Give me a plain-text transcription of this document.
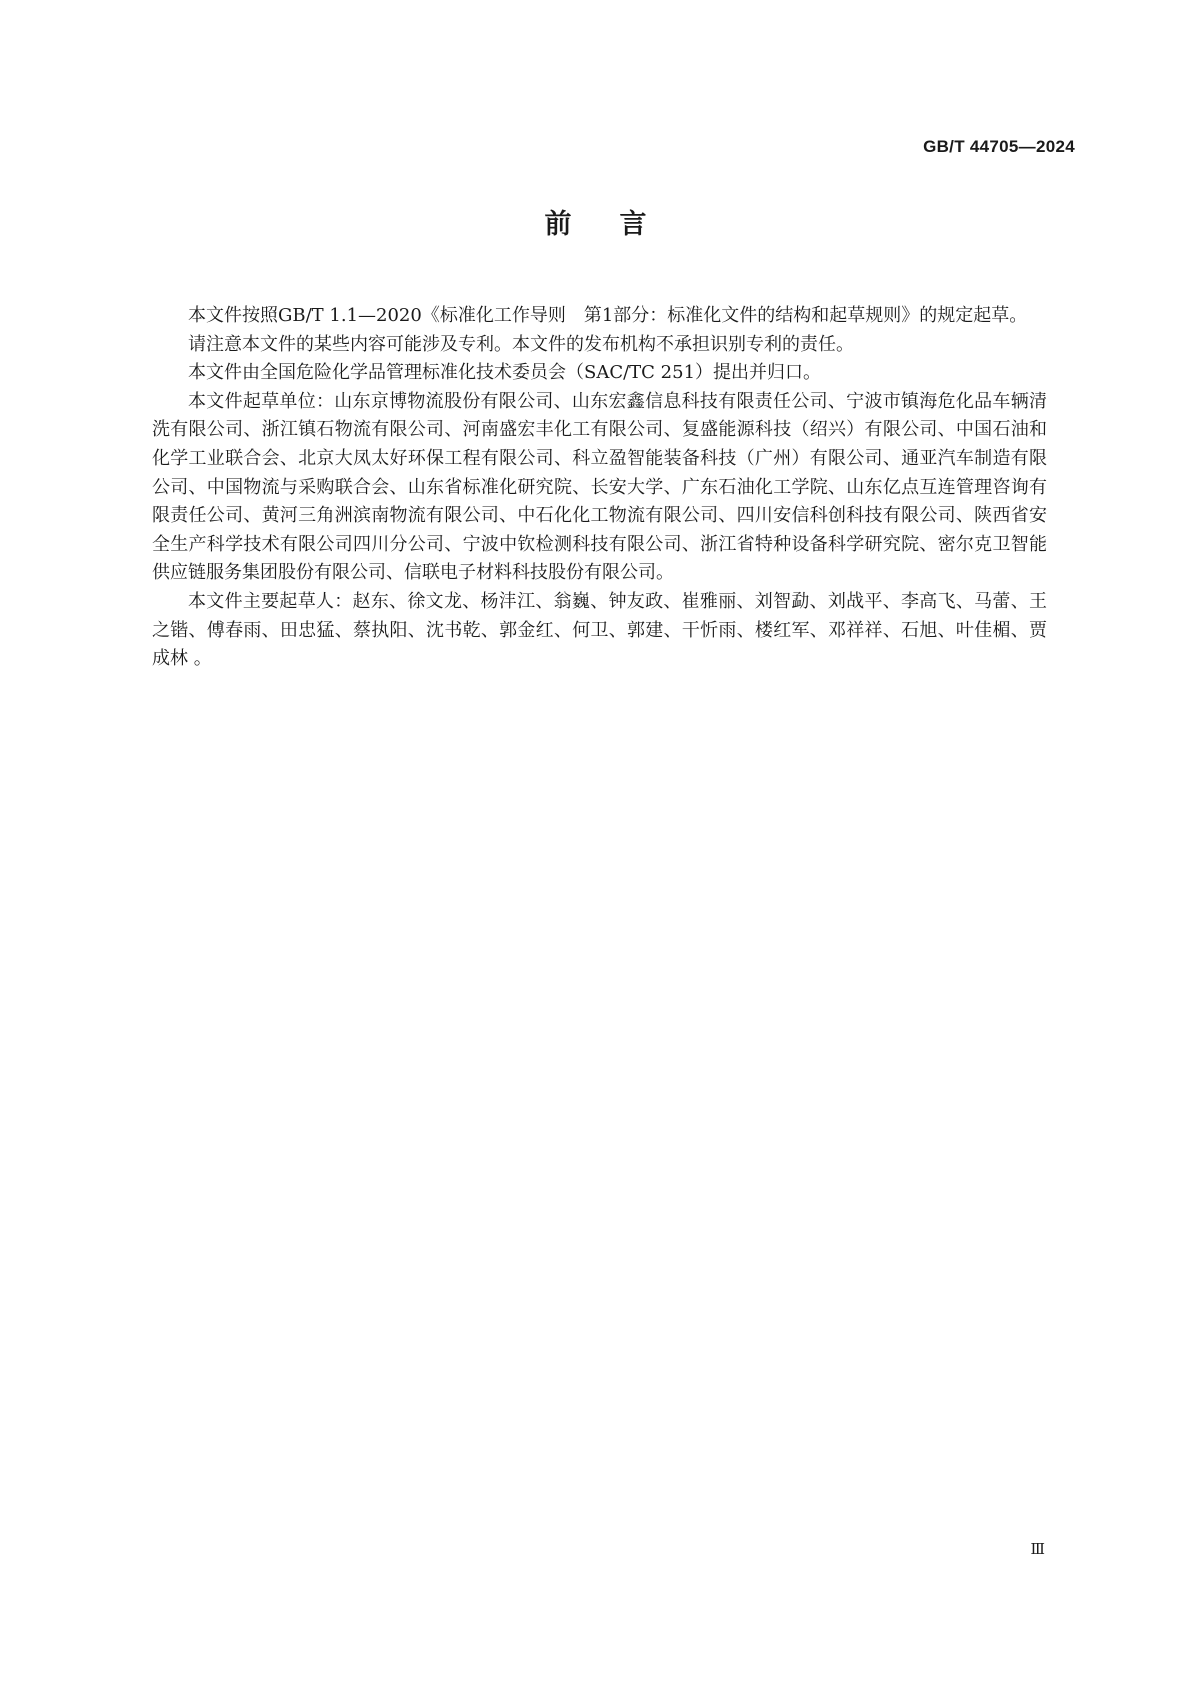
GB/T 44705—2024
前言

本文件按照GB/T 1.1—2020《标准化工作导则　第1部分：标准化文件的结构和起草规则》的规定起草。

请注意本文件的某些内容可能涉及专利。本文件的发布机构不承担识别专利的责任。

本文件由全国危险化学品管理标准化技术委员会（SAC/TC 251）提出并归口。

本文件起草单位：山东京博物流股份有限公司、山东宏鑫信息科技有限责任公司、宁波市镇海危化品车辆清洗有限公司、浙江镇石物流有限公司、河南盛宏丰化工有限公司、复盛能源科技（绍兴）有限公司、中国石油和化学工业联合会、北京大凤太好环保工程有限公司、科立盈智能装备科技（广州）有限公司、通亚汽车制造有限公司、中国物流与采购联合会、山东省标准化研究院、长安大学、广东石油化工学院、山东亿点互连管理咨询有限责任公司、黄河三角洲滨南物流有限公司、中石化化工物流有限公司、四川安信科创科技有限公司、陕西省安全生产科学技术有限公司四川分公司、宁波中钦检测科技有限公司、浙江省特种设备科学研究院、密尔克卫智能供应链服务集团股份有限公司、信联电子材料科技股份有限公司。

本文件主要起草人：赵东、徐文龙、杨沣江、翁巍、钟友政、崔雅丽、刘智勐、刘战平、李高飞、马蕾、王之锴、傅春雨、田忠猛、蔡执阳、沈书乾、郭金红、何卫、郭建、干忻雨、楼红军、邓祥祥、石旭、叶佳楣、贾成林 。

Ⅲ
